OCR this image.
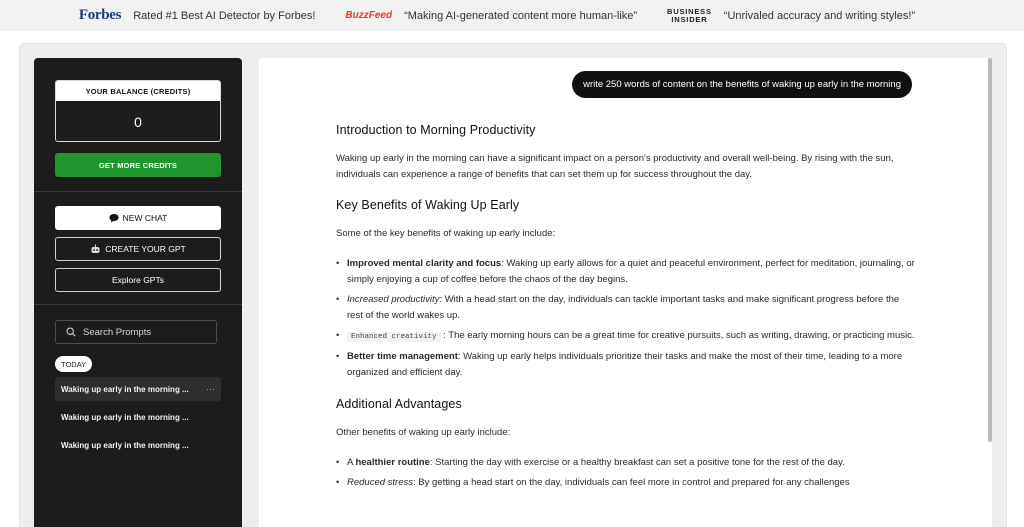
Forbes Rated #1 Best AI Detector by Forbes!	BuzzFeed “Making AI-generated content more human-like”	BUSINESS
INSIDER	“Unrivaled accuracy and writing styles!”
YOUR BALANCE (CREDITS)
0
GET MORE CREDITS
NEW CHAT
CREATE YOUR GPT
Explore GPTs
Search Prompts
TODAY
Waking up early in the morning ... ···
Waking up early in the morning ...
Waking up early in the morning ...
write 250 words of content on the benefits of waking up early in the morning
Introduction to Morning Productivity

Waking up early in the morning can have a significant impact on a person's productivity and overall well-being. By rising with the sun, individuals can experience a range of benefits that can set them up for success throughout the day.

Key Benefits of Waking Up Early

Some of the key benefits of waking up early include:

• Improved mental clarity and focus: Waking up early allows for a quiet and peaceful environment, perfect for meditation, journaling, or simply enjoying a cup of coffee before the chaos of the day begins.
• Increased productivity: With a head start on the day, individuals can tackle important tasks and make significant progress before the rest of the world wakes up.
• Enhanced creativity : The early morning hours can be a great time for creative pursuits, such as writing, drawing, or practicing music.
• Better time management: Waking up early helps individuals prioritize their tasks and make the most of their time, leading to a more organized and efficient day.
Additional Advantages

Other benefits of waking up early include:

• A healthier routine: Starting the day with exercise or a healthy breakfast can set a positive tone for the rest of the day.
• Reduced stress: By getting a head start on the day, individuals can feel more in control and prepared for any challenges
